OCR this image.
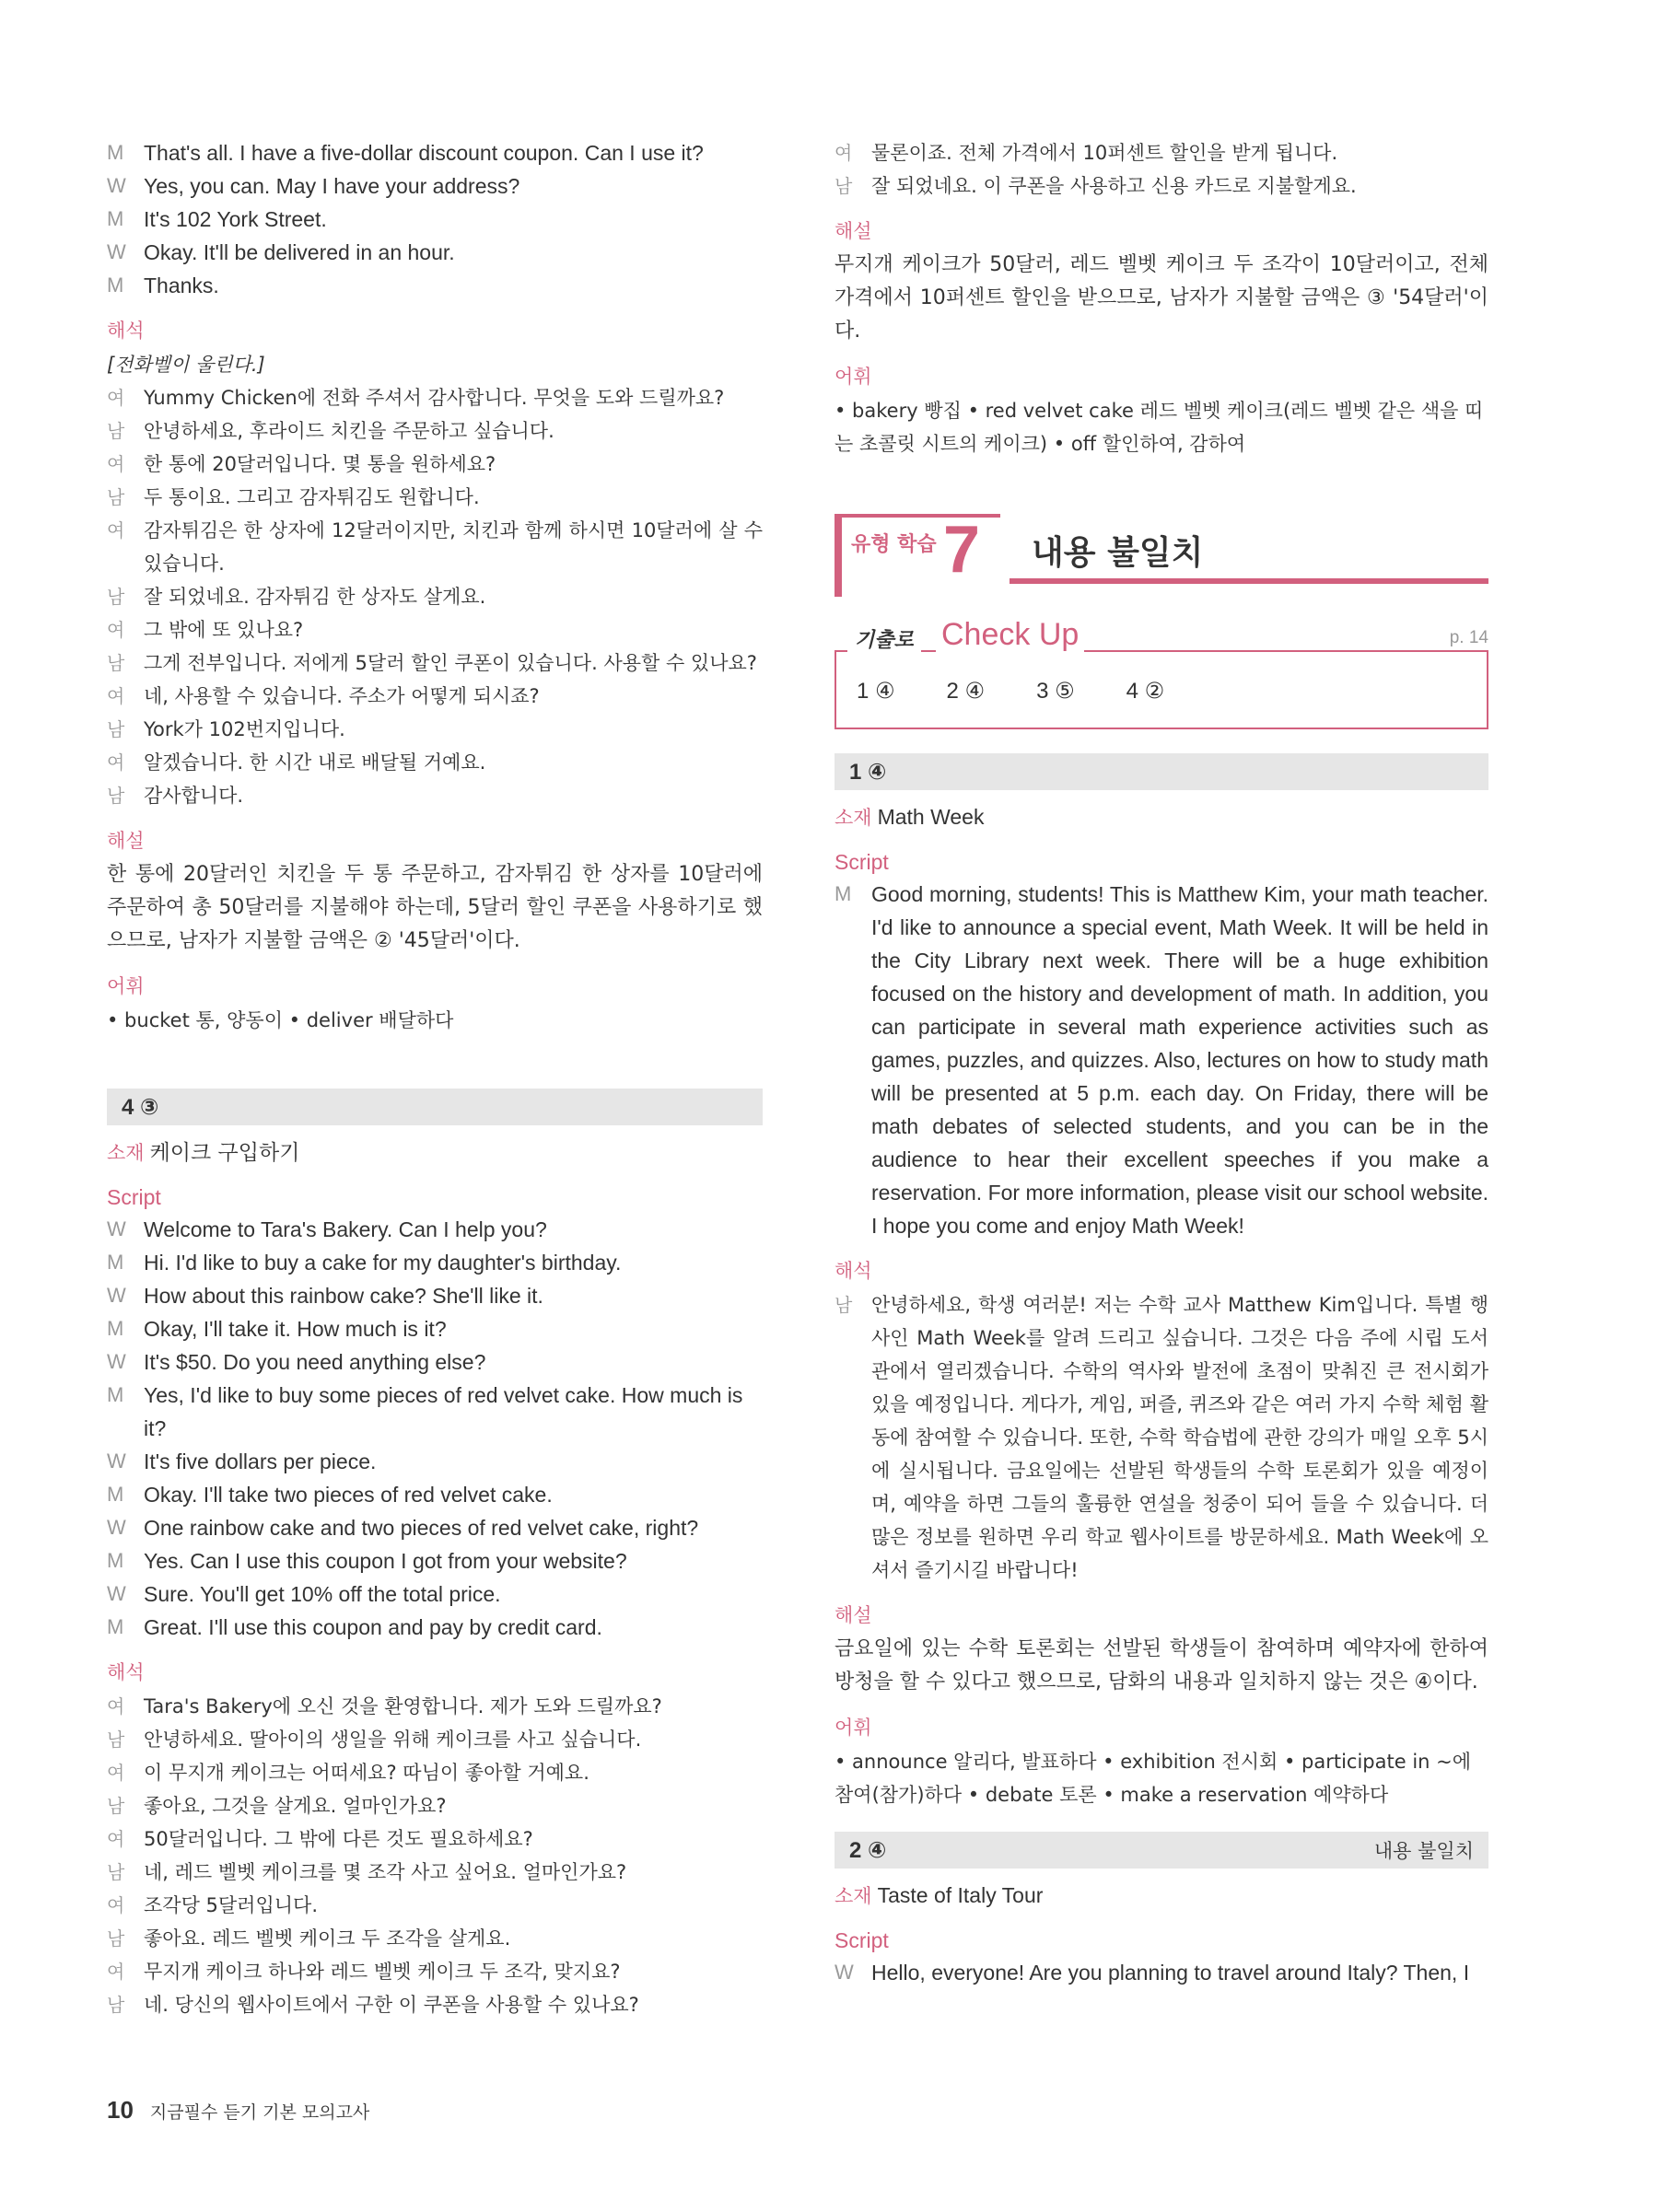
M That's all. I have a five-dollar discount coupon. Can I use it?
W Yes, you can. May I have your address?
M It's 102 York Street.
W Okay. It'll be delivered in an hour.
M Thanks.
해석
[전화벨이 울린다.]
여 Yummy Chicken에 전화 주셔서 감사합니다. 무엇을 도와 드릴까요?
남 안녕하세요, 후라이드 치킨을 주문하고 싶습니다.
여 한 통에 20달러입니다. 몇 통을 원하세요?
남 두 통이요. 그리고 감자튀김도 원합니다.
여 감자튀김은 한 상자에 12달러이지만, 치킨과 함께 하시면 10달러에 살 수 있습니다.
남 잘 되었네요. 감자튀김 한 상자도 살게요.
여 그 밖에 또 있나요?
남 그게 전부입니다. 저에게 5달러 할인 쿠폰이 있습니다. 사용할 수 있나요?
여 네, 사용할 수 있습니다. 주소가 어떻게 되시죠?
남 York가 102번지입니다.
여 알겠습니다. 한 시간 내로 배달될 거예요.
남 감사합니다.
해설

한 통에 20달러인 치킨을 두 통 주문하고, 감자튀김 한 상자를 10달러에 주문하여 총 50달러를 지불해야 하는데, 5달러 할인 쿠폰을 사용하기로 했으므로, 남자가 지불할 금액은 ② '45달러'이다.

어휘

• bucket 통, 양동이 • deliver 배달하다

4 ③
소재 케이크 구입하기
Script
W Welcome to Tara's Bakery. Can I help you?
M Hi. I'd like to buy a cake for my daughter's birthday.
W How about this rainbow cake? She'll like it.
M Okay, I'll take it. How much is it?
W It's $50. Do you need anything else?
M Yes, I'd like to buy some pieces of red velvet cake. How much is it?
W It's five dollars per piece.
M Okay. I'll take two pieces of red velvet cake.
W One rainbow cake and two pieces of red velvet cake, right?
M Yes. Can I use this coupon I got from your website?
W Sure. You'll get 10% off the total price.
M Great. I'll use this coupon and pay by credit card.
해석
여 Tara's Bakery에 오신 것을 환영합니다. 제가 도와 드릴까요?
남 안녕하세요. 딸아이의 생일을 위해 케이크를 사고 싶습니다.
여 이 무지개 케이크는 어떠세요? 따님이 좋아할 거예요.
남 좋아요, 그것을 살게요. 얼마인가요?
여 50달러입니다. 그 밖에 다른 것도 필요하세요?
남 네, 레드 벨벳 케이크를 몇 조각 사고 싶어요. 얼마인가요?
여 조각당 5달러입니다.
남 좋아요. 레드 벨벳 케이크 두 조각을 살게요.
여 무지개 케이크 하나와 레드 벨벳 케이크 두 조각, 맞지요?
남 네. 당신의 웹사이트에서 구한 이 쿠폰을 사용할 수 있나요?
여 물론이죠. 전체 가격에서 10퍼센트 할인을 받게 됩니다.
남 잘 되었네요. 이 쿠폰을 사용하고 신용 카드로 지불할게요.
해설

무지개 케이크가 50달러, 레드 벨벳 케이크 두 조각이 10달러이고, 전체 가격에서 10퍼센트 할인을 받으므로, 남자가 지불할 금액은 ③ '54달러'이다.

어휘

• bakery 빵집 • red velvet cake 레드 벨벳 케이크(레드 벨벳 같은 색을 띠는 초콜릿 시트의 케이크) • off 할인하여, 감하여

유형 학습 7 내용 불일치
기출로 Check Up	p. 14
1 ④ 2 ④ 3 ⑤ 4 ②
1 ④
소재 Math Week
Script
M Good morning, students! This is Matthew Kim, your math teacher. I'd like to announce a special event, Math Week. It will be held in the City Library next week. There will be a huge exhibition focused on the history and development of math. In addition, you can participate in several math experience activities such as games, puzzles, and quizzes. Also, lectures on how to study math will be presented at 5 p.m. each day. On Friday, there will be math debates of selected students, and you can be in the audience to hear their excellent speeches if you make a reservation. For more information, please visit our school website. I hope you come and enjoy Math Week!
해석
남 안녕하세요, 학생 여러분! 저는 수학 교사 Matthew Kim입니다. 특별 행사인 Math Week를 알려 드리고 싶습니다. 그것은 다음 주에 시립 도서관에서 열리겠습니다. 수학의 역사와 발전에 초점이 맞춰진 큰 전시회가 있을 예정입니다. 게다가, 게임, 퍼즐, 퀴즈와 같은 여러 가지 수학 체험 활동에 참여할 수 있습니다. 또한, 수학 학습법에 관한 강의가 매일 오후 5시에 실시됩니다. 금요일에는 선발된 학생들의 수학 토론회가 있을 예정이며, 예약을 하면 그들의 훌륭한 연설을 청중이 되어 들을 수 있습니다. 더 많은 정보를 원하면 우리 학교 웹사이트를 방문하세요. Math Week에 오셔서 즐기시길 바랍니다!
해설

금요일에 있는 수학 토론회는 선발된 학생들이 참여하며 예약자에 한하여 방청을 할 수 있다고 했으므로, 담화의 내용과 일치하지 않는 것은 ④이다.

어휘

• announce 알리다, 발표하다 • exhibition 전시회 • participate in ~에 참여(참가)하다 • debate 토론 • make a reservation 예약하다

2 ④	내용 불일치
소재 Taste of Italy Tour
Script
W Hello, everyone! Are you planning to travel around Italy? Then, I
10 지금필수 듣기 기본 모의고사
